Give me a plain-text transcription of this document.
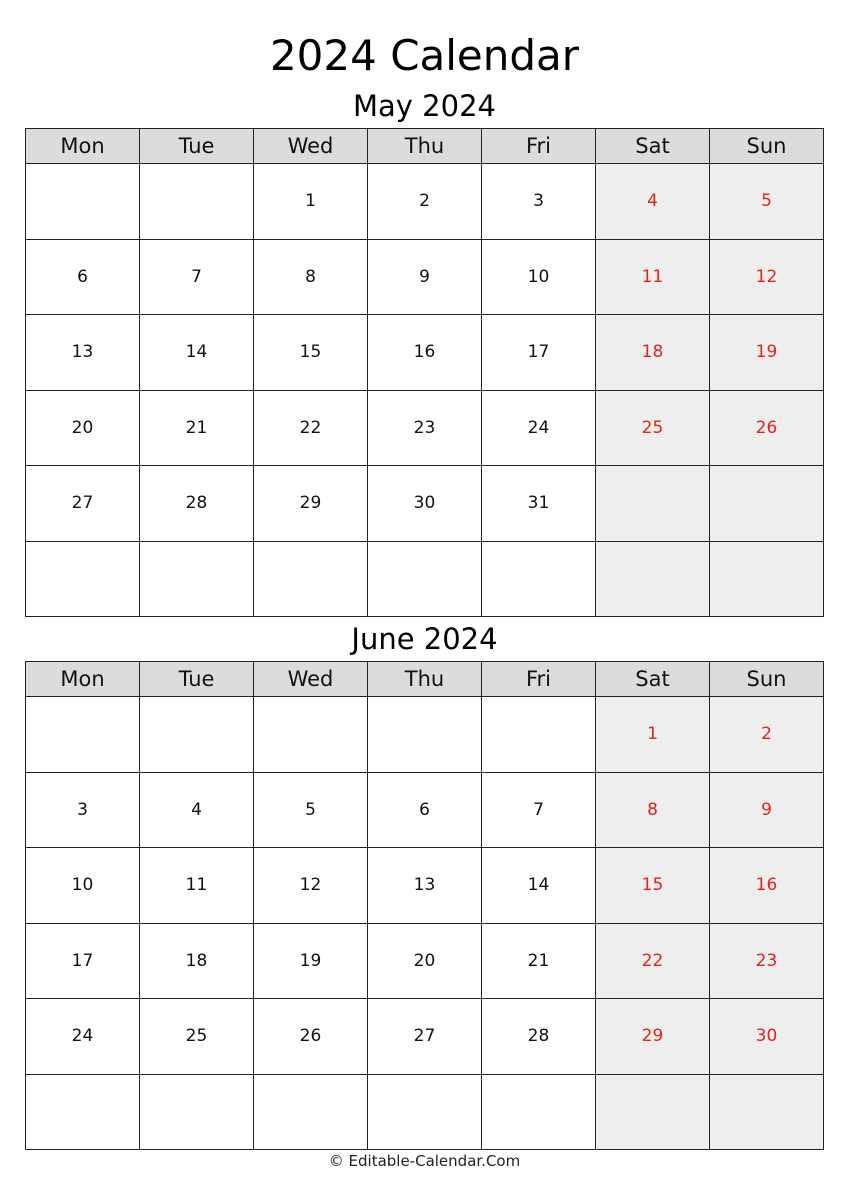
2024 Calendar
May 2024
Mon	Tue	Wed	Thu	Fri	Sat	Sun
		1	2	3	4	5
6	7	8	9	10	11	12
13	14	15	16	17	18	19
20	21	22	23	24	25	26
27	28	29	30	31		

June 2024
Mon	Tue	Wed	Thu	Fri	Sat	Sun
					1	2
3	4	5	6	7	8	9
10	11	12	13	14	15	16
17	18	19	20	21	22	23
24	25	26	27	28	29	30

© Editable-Calendar.Com
